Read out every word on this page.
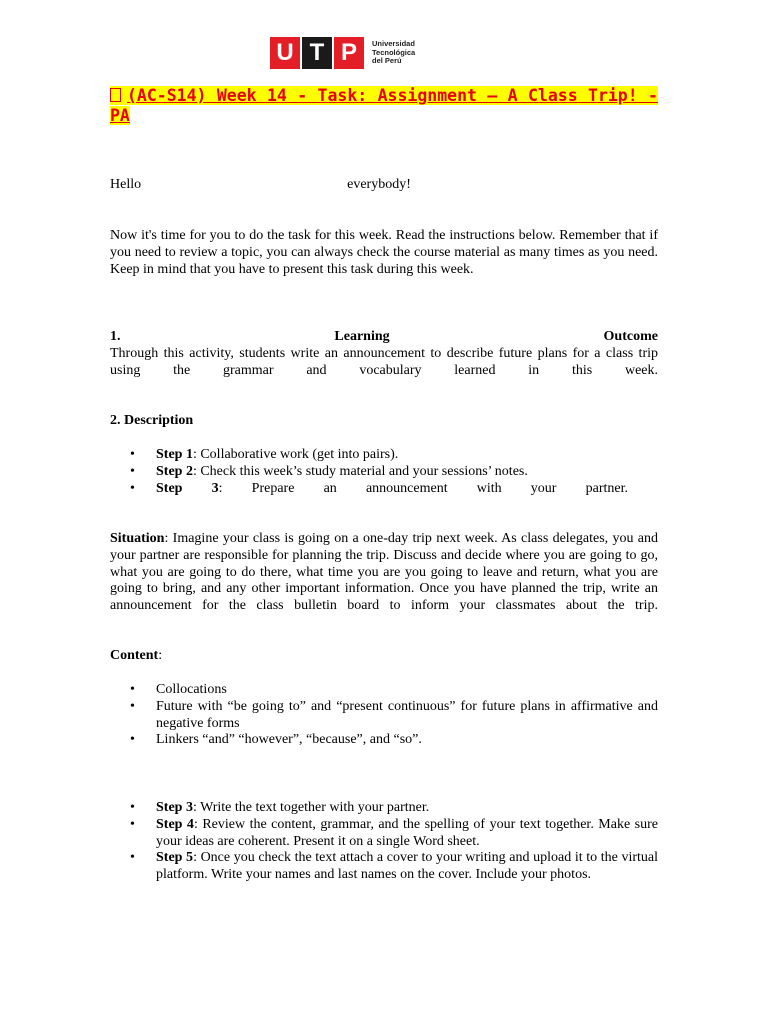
U T P	Universidad
Tecnológica
del Perú
(AC-S14) Week 14 - Task: Assignment – A Class Trip! - PA
Hello	everybody!
Now it's time for you to do the task for this week. Read the instructions below. Remember that if you need to review a topic, you can always check the course material as many times as you need. Keep in mind that you have to present this task during this week.
1.	Learning	Outcome
Through this activity, students write an announcement to describe future plans for a class trip using the grammar and vocabulary learned in this week.
2. Description
• Step 1: Collaborative work (get into pairs).
• Step 2: Check this week’s study material and your sessions’ notes.
• Step 3: Prepare an announcement with your partner.
Situation: Imagine your class is going on a one-day trip next week. As class delegates, you and your partner are responsible for planning the trip. Discuss and decide where you are going to go, what you are going to do there, what time you are you going to leave and return, what you are going to bring, and any other important information. Once you have planned the trip, write an announcement for the class bulletin board to inform your classmates about the trip.
Content:
• Collocations
• Future with “be going to” and “present continuous” for future plans in affirmative and negative forms
• Linkers “and” “however”, “because”, and “so”.
• Step 3: Write the text together with your partner.
• Step 4: Review the content, grammar, and the spelling of your text together. Make sure your ideas are coherent. Present it on a single Word sheet.
• Step 5: Once you check the text attach a cover to your writing and upload it to the virtual platform. Write your names and last names on the cover. Include your photos.
